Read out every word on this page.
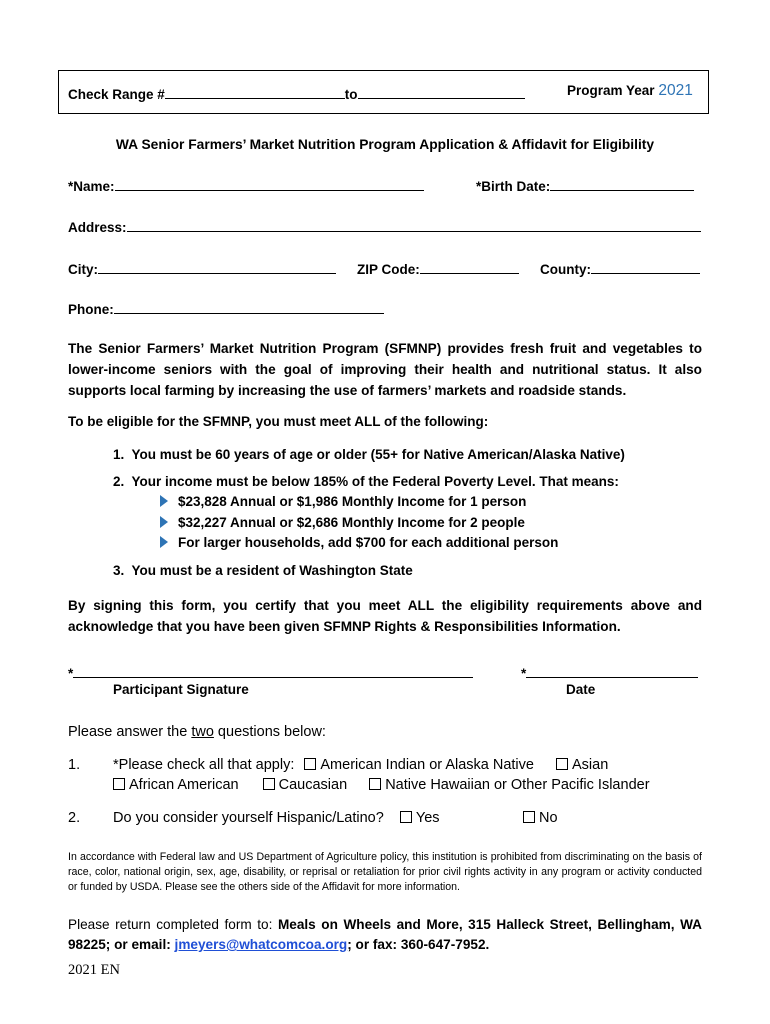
Check Range #	to	Program Year 2021
WA Senior Farmers’ Market Nutrition Program Application & Affidavit for Eligibility
*Name:	*Birth Date:
Address:
City:	ZIP Code:	County:
Phone:
The Senior Farmers’ Market Nutrition Program (SFMNP) provides fresh fruit and vegetables to lower-income seniors with the goal of improving their health and nutritional status. It also supports local farming by increasing the use of farmers’ markets and roadside stands.
To be eligible for the SFMNP, you must meet ALL of the following:
1. You must be 60 years of age or older (55+ for Native American/Alaska Native)
2. Your income must be below 185% of the Federal Poverty Level. That means:
$23,828 Annual or $1,986 Monthly Income for 1 person
$32,227 Annual or $2,686 Monthly Income for 2 people
For larger households, add $700 for each additional person
3. You must be a resident of Washington State
By signing this form, you certify that you meet ALL the eligibility requirements above and acknowledge that you have been given SFMNP Rights & Responsibilities Information.
*	*
Participant Signature	Date
Please answer the two questions below:
1. *Please check all that apply: American Indian or Alaska Native	Asian
African American	Caucasian	Native Hawaiian or Other Pacific Islander
2. Do you consider yourself Hispanic/Latino? Yes	No
In accordance with Federal law and US Department of Agriculture policy, this institution is prohibited from discriminating on the basis of race, color, national origin, sex, age, disability, or reprisal or retaliation for prior civil rights activity in any program or activity conducted or funded by USDA. Please see the others side of the Affidavit for more information.
Please return completed form to: Meals on Wheels and More, 315 Halleck Street, Bellingham, WA 98225; or email: jmeyers@whatcomcoa.org; or fax: 360-647-7952.
2021 EN
